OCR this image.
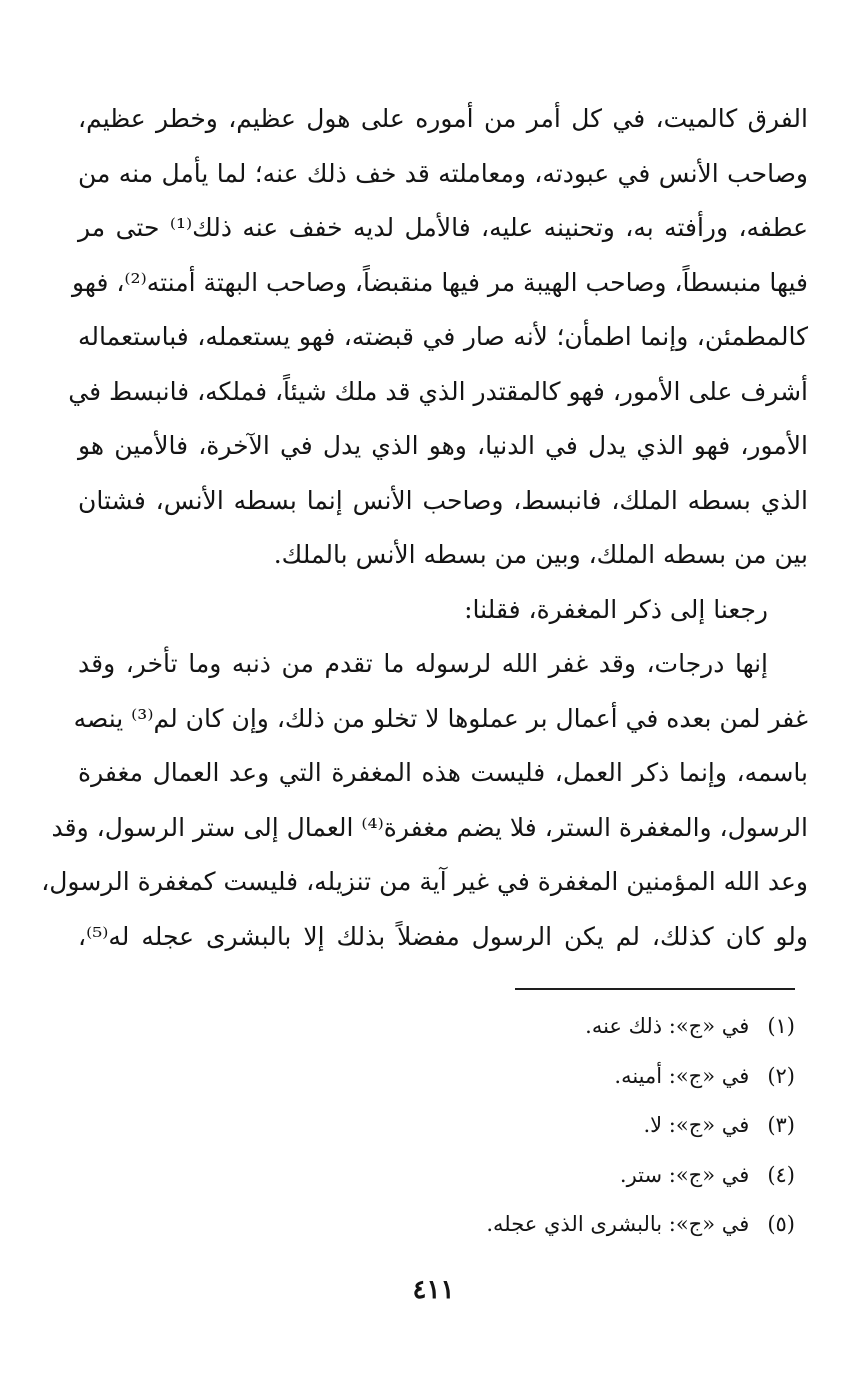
الفرق كالميت، في كل أمر من أموره على هول عظيم، وخطر عظيم،
وصاحب الأنس في عبودته، ومعاملته قد خف ذلك عنه؛ لما يأمل منه من
عطفه، ورأفته به، وتحنينه عليه، فالأمل لديه خفف عنه ذلك⁽¹⁾ حتى مر
فيها منبسطاً، وصاحب الهيبة مر فيها منقبضاً، وصاحب البهتة أمنته⁽²⁾، فهو
كالمطمئن، وإنما اطمأن؛ لأنه صار في قبضته، فهو يستعمله، فباستعماله
أشرف على الأمور، فهو كالمقتدر الذي قد ملك شيئاً، فملكه، فانبسط في
الأمور، فهو الذي يدل في الدنيا، وهو الذي يدل في الآخرة، فالأمين هو
الذي بسطه الملك، فانبسط، وصاحب الأنس إنما بسطه الأنس، فشتان
بين من بسطه الملك، وبين من بسطه الأنس بالملك.
رجعنا إلى ذكر المغفرة، فقلنا:
إنها درجات، وقد غفر الله لرسوله ما تقدم من ذنبه وما تأخر، وقد
غفر لمن بعده في أعمال بر عملوها لا تخلو من ذلك، وإن كان لم⁽³⁾ ينصه
باسمه، وإنما ذكر العمل، فليست هذه المغفرة التي وعد العمال مغفرة
الرسول، والمغفرة الستر، فلا يضم مغفرة⁽⁴⁾ العمال إلى ستر الرسول، وقد
وعد الله المؤمنين المغفرة في غير آية من تنزيله، فليست كمغفرة الرسول،
ولو كان كذلك، لم يكن الرسول مفضلاً بذلك إلا بالبشرى عجله له⁽⁵⁾،
(١)في «ج»: ذلك عنه.
(٢)في «ج»: أمينه.
(٣)في «ج»: لا.
(٤)في «ج»: ستر.
(٥)في «ج»: بالبشرى الذي عجله.
٤١١
